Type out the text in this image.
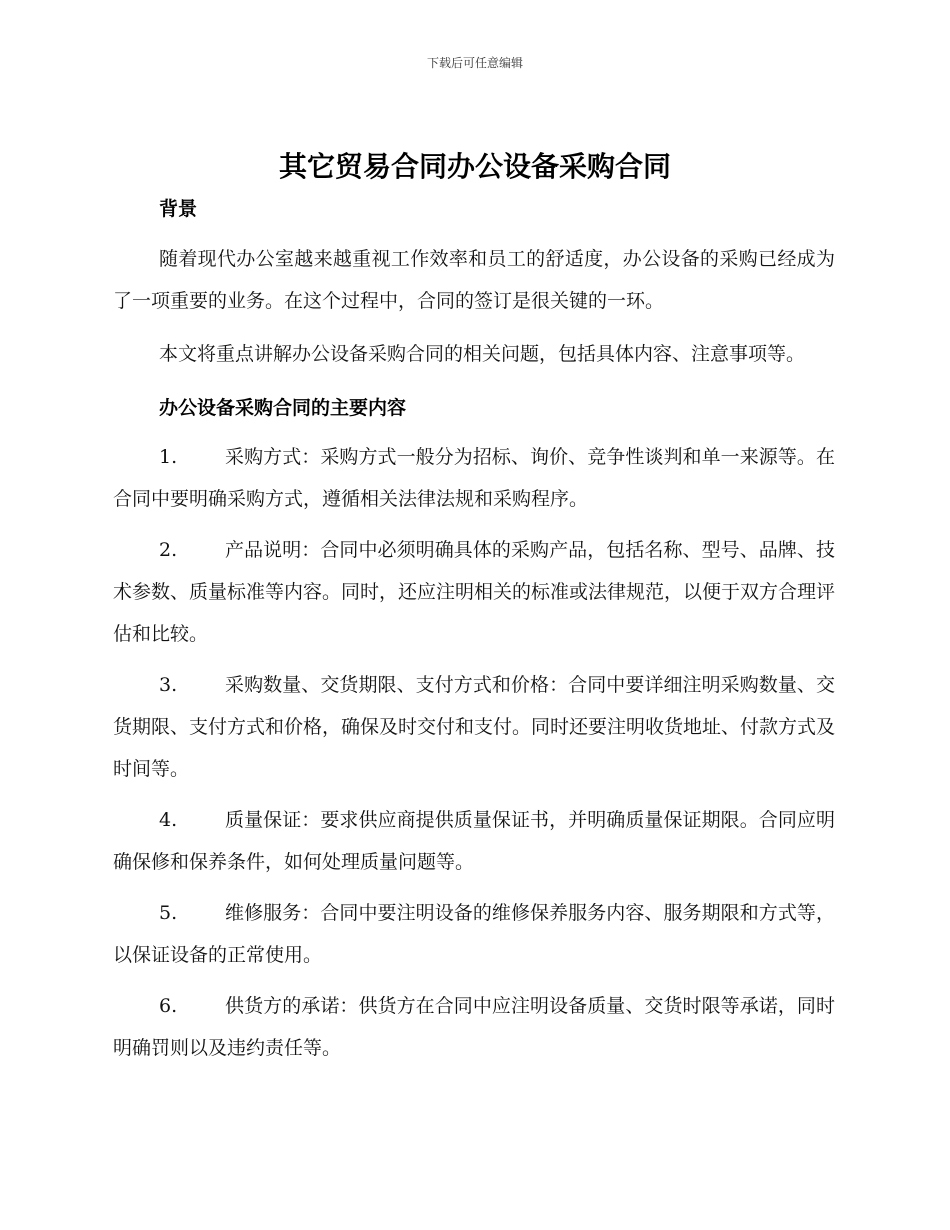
下载后可任意编辑
其它贸易合同办公设备采购合同
背景

随着现代办公室越来越重视工作效率和员工的舒适度，办公设备的采购已经成为了一项重要的业务。在这个过程中，合同的签订是很关键的一环。

本文将重点讲解办公设备采购合同的相关问题，包括具体内容、注意事项等。

办公设备采购合同的主要内容

1.	采购方式：采购方式一般分为招标、询价、竞争性谈判和单一来源等。在合同中要明确采购方式，遵循相关法律法规和采购程序。

2.	产品说明：合同中必须明确具体的采购产品，包括名称、型号、品牌、技术参数、质量标准等内容。同时，还应注明相关的标准或法律规范，以便于双方合理评估和比较。

3.	采购数量、交货期限、支付方式和价格：合同中要详细注明采购数量、交货期限、支付方式和价格，确保及时交付和支付。同时还要注明收货地址、付款方式及时间等。

4.	质量保证：要求供应商提供质量保证书，并明确质量保证期限。合同应明确保修和保养条件，如何处理质量问题等。

5.	维修服务：合同中要注明设备的维修保养服务内容、服务期限和方式等，以保证设备的正常使用。

6.	供货方的承诺：供货方在合同中应注明设备质量、交货时限等承诺，同时明确罚则以及违约责任等。
